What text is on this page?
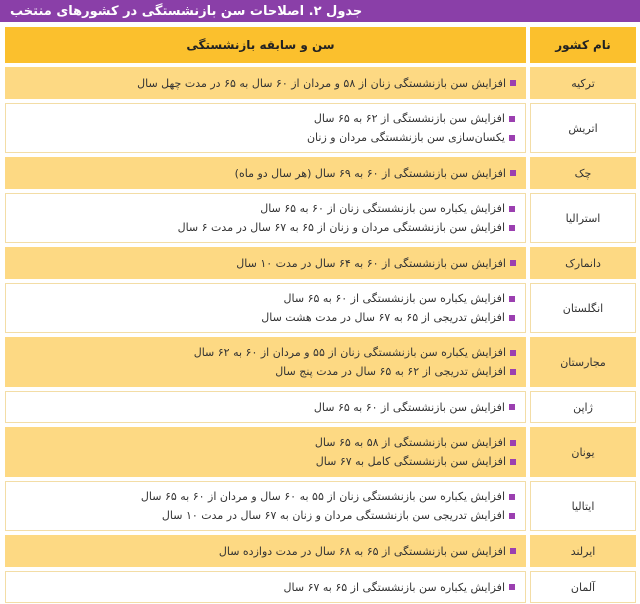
جدول ۲. اصلاحات سن بازنشستگی در کشورهای منتخب
نام کشور
سن و سابقه بازنشستگی
ترکیه
افزایش سن بازنشستگی زنان از ۵۸ و مردان از ۶۰ سال به ۶۵ در مدت چهل سال
اتریش
افزایش سن بازنشستگی از ۶۲ به ۶۵ سال
یکسان‌سازی سن بازنشستگی مردان و زنان
چک
افزایش سن بازنشستگی از ۶۰ به ۶۹ سال (هر سال دو ماه)
استرالیا
افزایش یکباره سن بازنشستگی زنان از ۶۰ به ۶۵ سال
افزایش سن بازنشستگی مردان و زنان از ۶۵ به ۶۷ سال در مدت ۶ سال
دانمارک
افزایش سن بازنشستگی از ۶۰ به ۶۴ سال در مدت ۱۰ سال
انگلستان
افزایش یکباره سن بازنشستگی از ۶۰ به ۶۵ سال
افزایش تدریجی از ۶۵ به ۶۷ سال در مدت هشت سال
مجارستان
افزایش یکباره سن بازنشستگی زنان از ۵۵ و مردان از ۶۰ به ۶۲ سال
افزایش تدریجی از ۶۲ به ۶۵ سال در مدت پنج سال
ژاپن
افزایش سن بازنشستگی از ۶۰ به ۶۵ سال
یونان
افزایش سن بازنشستگی از ۵۸ به ۶۵ سال
افزایش سن بازنشستگی کامل به ۶۷ سال
ایتالیا
افزایش یکباره سن بازنشستگی زنان از ۵۵ به ۶۰ سال و مردان از ۶۰ به ۶۵ سال
افزایش تدریجی سن بازنشستگی مردان و زنان به ۶۷ سال در مدت ۱۰ سال
ایرلند
افزایش سن بازنشستگی از ۶۵ به ۶۸ سال در مدت دوازده سال
آلمان
افزایش یکباره سن بازنشستگی از ۶۵ به ۶۷ سال
